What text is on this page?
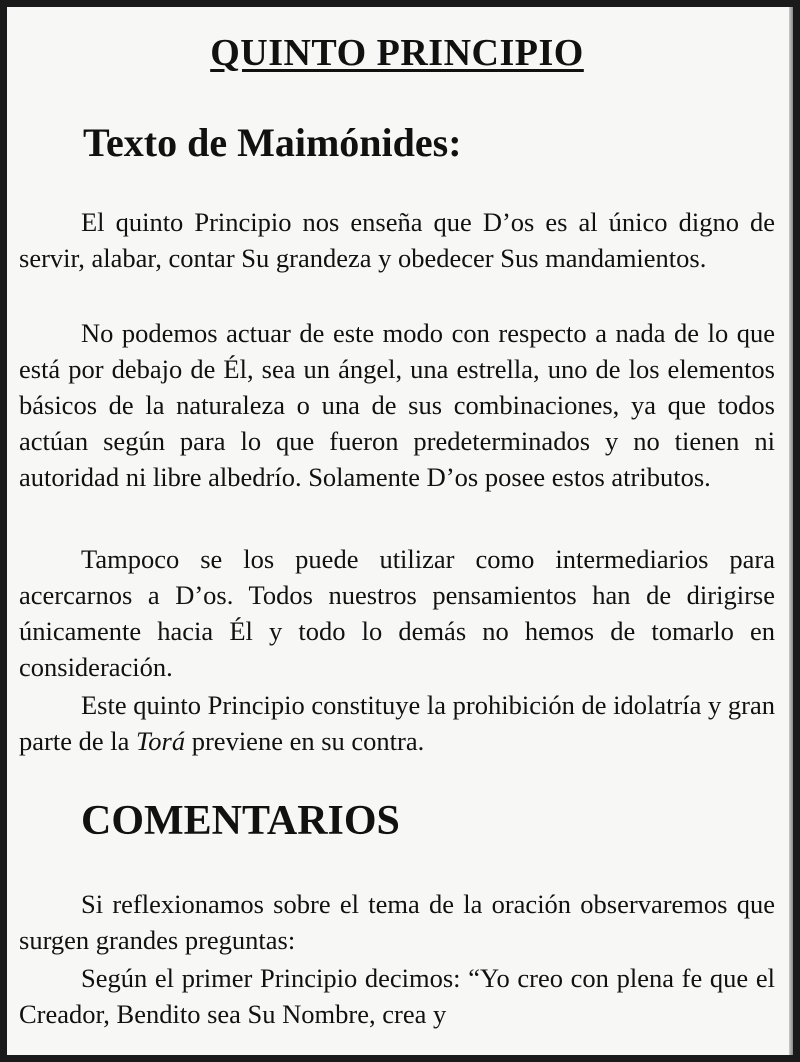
QUINTO PRINCIPIO
Texto de Maimónides:

El quinto Principio nos enseña que D’os es al único digno de servir, alabar, contar Su grandeza y obedecer Sus mandamientos.

No podemos actuar de este modo con respecto a nada de lo que está por debajo de Él, sea un ángel, una estrella, uno de los elementos básicos de la naturaleza o una de sus combinaciones, ya que todos actúan según para lo que fueron predeterminados y no tienen ni autoridad ni libre albedrío. Solamente D’os posee estos atributos.

Tampoco se los puede utilizar como intermediarios para acercarnos a D’os. Todos nuestros pensamientos han de dirigirse únicamente hacia Él y todo lo demás no hemos de tomarlo en consideración.

Este quinto Principio constituye la prohibición de idolatría y gran parte de la Torá previene en su contra.

COMENTARIOS

Si reflexionamos sobre el tema de la oración observaremos que surgen grandes preguntas:

Según el primer Principio decimos: “Yo creo con plena fe que el Creador, Bendito sea Su Nombre, crea y
